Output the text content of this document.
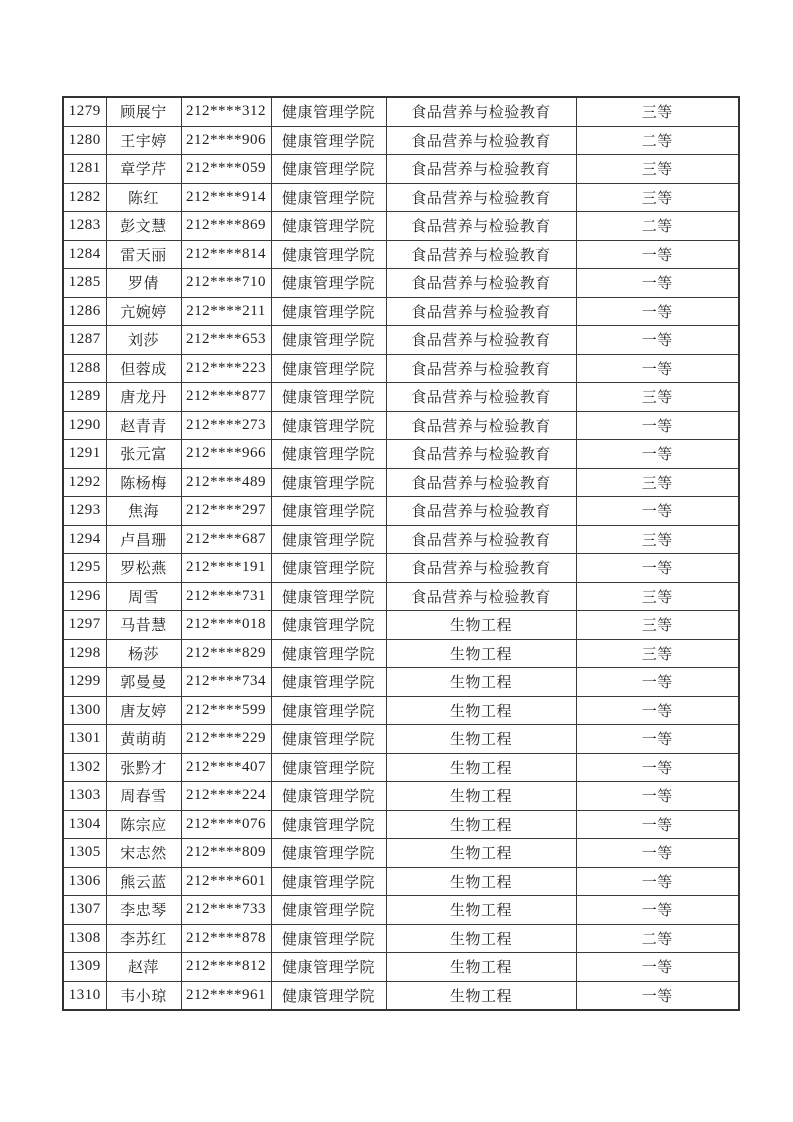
1279	顾展宁	212****312	健康管理学院	食品营养与检验教育	三等
1280	王宇婷	212****906	健康管理学院	食品营养与检验教育	二等
1281	章学芹	212****059	健康管理学院	食品营养与检验教育	三等
1282	陈红	212****914	健康管理学院	食品营养与检验教育	三等
1283	彭文慧	212****869	健康管理学院	食品营养与检验教育	二等
1284	雷天丽	212****814	健康管理学院	食品营养与检验教育	一等
1285	罗倩	212****710	健康管理学院	食品营养与检验教育	一等
1286	亢婉婷	212****211	健康管理学院	食品营养与检验教育	一等
1287	刘莎	212****653	健康管理学院	食品营养与检验教育	一等
1288	但蓉成	212****223	健康管理学院	食品营养与检验教育	一等
1289	唐龙丹	212****877	健康管理学院	食品营养与检验教育	三等
1290	赵青青	212****273	健康管理学院	食品营养与检验教育	一等
1291	张元富	212****966	健康管理学院	食品营养与检验教育	一等
1292	陈杨梅	212****489	健康管理学院	食品营养与检验教育	三等
1293	焦海	212****297	健康管理学院	食品营养与检验教育	一等
1294	卢昌珊	212****687	健康管理学院	食品营养与检验教育	三等
1295	罗松燕	212****191	健康管理学院	食品营养与检验教育	一等
1296	周雪	212****731	健康管理学院	食品营养与检验教育	三等
1297	马昔慧	212****018	健康管理学院	生物工程	三等
1298	杨莎	212****829	健康管理学院	生物工程	三等
1299	郭曼曼	212****734	健康管理学院	生物工程	一等
1300	唐友婷	212****599	健康管理学院	生物工程	一等
1301	黄萌萌	212****229	健康管理学院	生物工程	一等
1302	张黔才	212****407	健康管理学院	生物工程	一等
1303	周春雪	212****224	健康管理学院	生物工程	一等
1304	陈宗应	212****076	健康管理学院	生物工程	一等
1305	宋志然	212****809	健康管理学院	生物工程	一等
1306	熊云蓝	212****601	健康管理学院	生物工程	一等
1307	李忠琴	212****733	健康管理学院	生物工程	一等
1308	李苏红	212****878	健康管理学院	生物工程	二等
1309	赵萍	212****812	健康管理学院	生物工程	一等
1310	韦小琼	212****961	健康管理学院	生物工程	一等
